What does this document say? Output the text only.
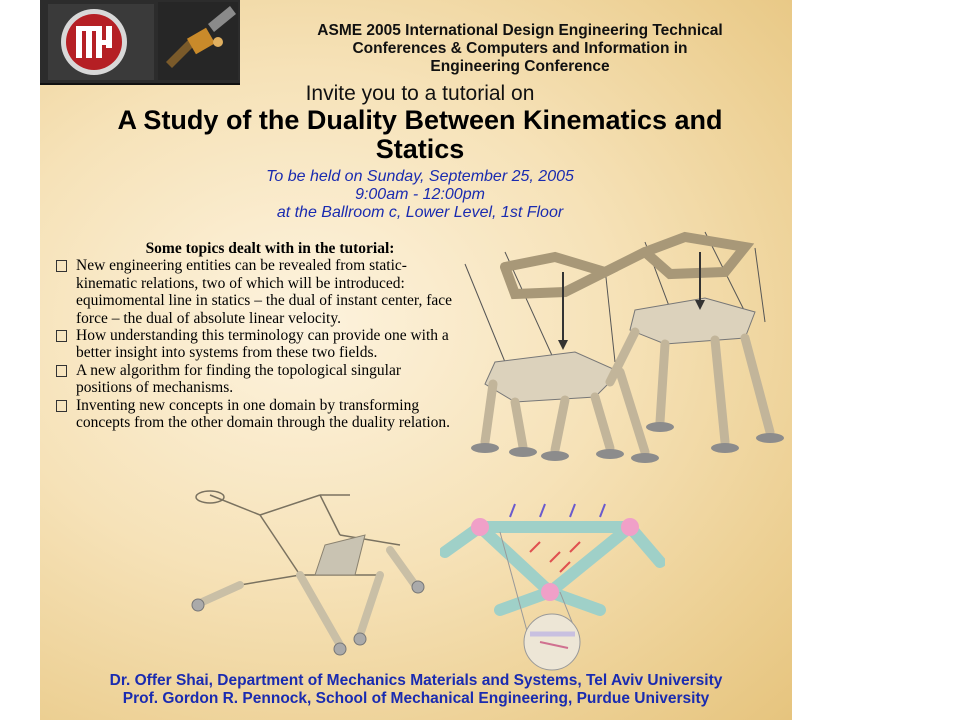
ASME 2005 International Design Engineering Technical
Conferences & Computers and Information in
Engineering Conference
Invite you to a tutorial on
A Study of the Duality Between Kinematics and
Statics
To be held on Sunday, September 25, 2005
9:00am - 12:00pm
at the Ballroom c, Lower Level, 1st Floor
Some topics dealt with in the tutorial:
New engineering entities can be revealed from static-kinematic relations, two of which will be introduced: equimomental line in statics – the dual of instant center, face force – the dual of absolute linear velocity.
How understanding this terminology can provide one with a better insight into systems from these two fields.
A new algorithm for finding the topological singular positions of mechanisms.
Inventing new concepts in one domain by transforming concepts from the other domain through the duality relation.
Dr. Offer Shai, Department of Mechanics Materials and Systems, Tel Aviv University
Prof. Gordon R. Pennock, School of Mechanical Engineering, Purdue University
